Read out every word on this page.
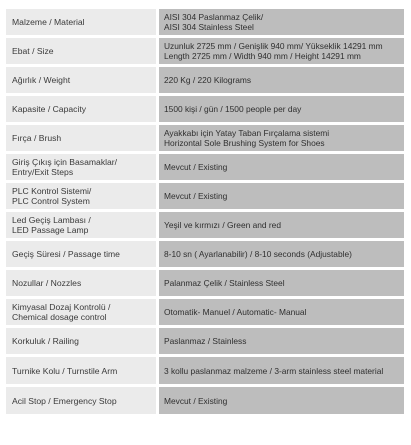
Malzeme / Material	AISI 304 Paslanmaz Çelik/
AISI 304 Stainless Steel
Ebat / Size	Uzunluk 2725 mm / Genişlik 940 mm/ Yükseklik 14291 mm
Length 2725 mm / Width 940 mm / Height 14291 mm
Ağırlık / Weight	220 Kg / 220 Kilograms
Kapasite / Capacity	1500 kişi / gün / 1500 people per day
Fırça / Brush	Ayakkabı için Yatay Taban Fırçalama sistemi
Horizontal Sole Brushing System for Shoes
Giriş Çıkış için Basamaklar/
Entry/Exit Steps	Mevcut / Existing
PLC Kontrol Sistemi/
PLC Control System	Mevcut / Existing
Led Geçiş Lambası /
LED Passage Lamp	Yeşil ve kırmızı / Green and red
Geçiş Süresi / Passage time	8-10 sn ( Ayarlanabilir) / 8-10 seconds (Adjustable)
Nozullar / Nozzles	Palanmaz Çelik / Stainless Steel
Kimyasal Dozaj Kontrolü /
Chemical dosage control	Otomatik- Manuel / Automatic- Manual
Korkuluk / Railing	Paslanmaz / Stainless
Turnike Kolu / Turnstile Arm	3 kollu paslanmaz malzeme / 3-arm stainless steel material
Acil Stop / Emergency Stop	Mevcut / Existing
